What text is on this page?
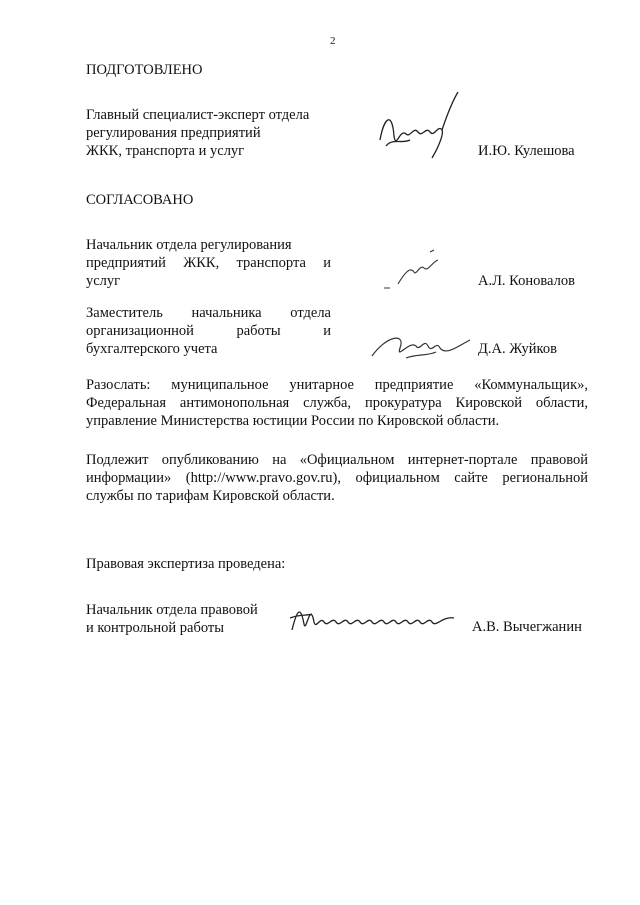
2
ПОДГОТОВЛЕНО
Главный специалист-эксперт отдела
регулирования предприятий
ЖКК, транспорта и услуг	И.Ю. Кулешова
СОГЛАСОВАНО
Начальник отдела регулирования
предприятий ЖКК, транспорта и
услуг	А.Л. Коновалов
Заместитель начальника отдела
организационной работы и
бухгалтерского учета	Д.А. Жуйков
Разослать: муниципальное унитарное предприятие «Коммунальщик»,
Федеральная антимонопольная служба, прокуратура Кировской области,
управление Министерства юстиции России по Кировской области.
Подлежит опубликованию на «Официальном интернет-портале правовой
информации» (http://www.pravo.gov.ru), официальном сайте региональной
службы по тарифам Кировской области.
Правовая экспертиза проведена:
Начальник отдела правовой
и контрольной работы	А.В. Вычегжанин
